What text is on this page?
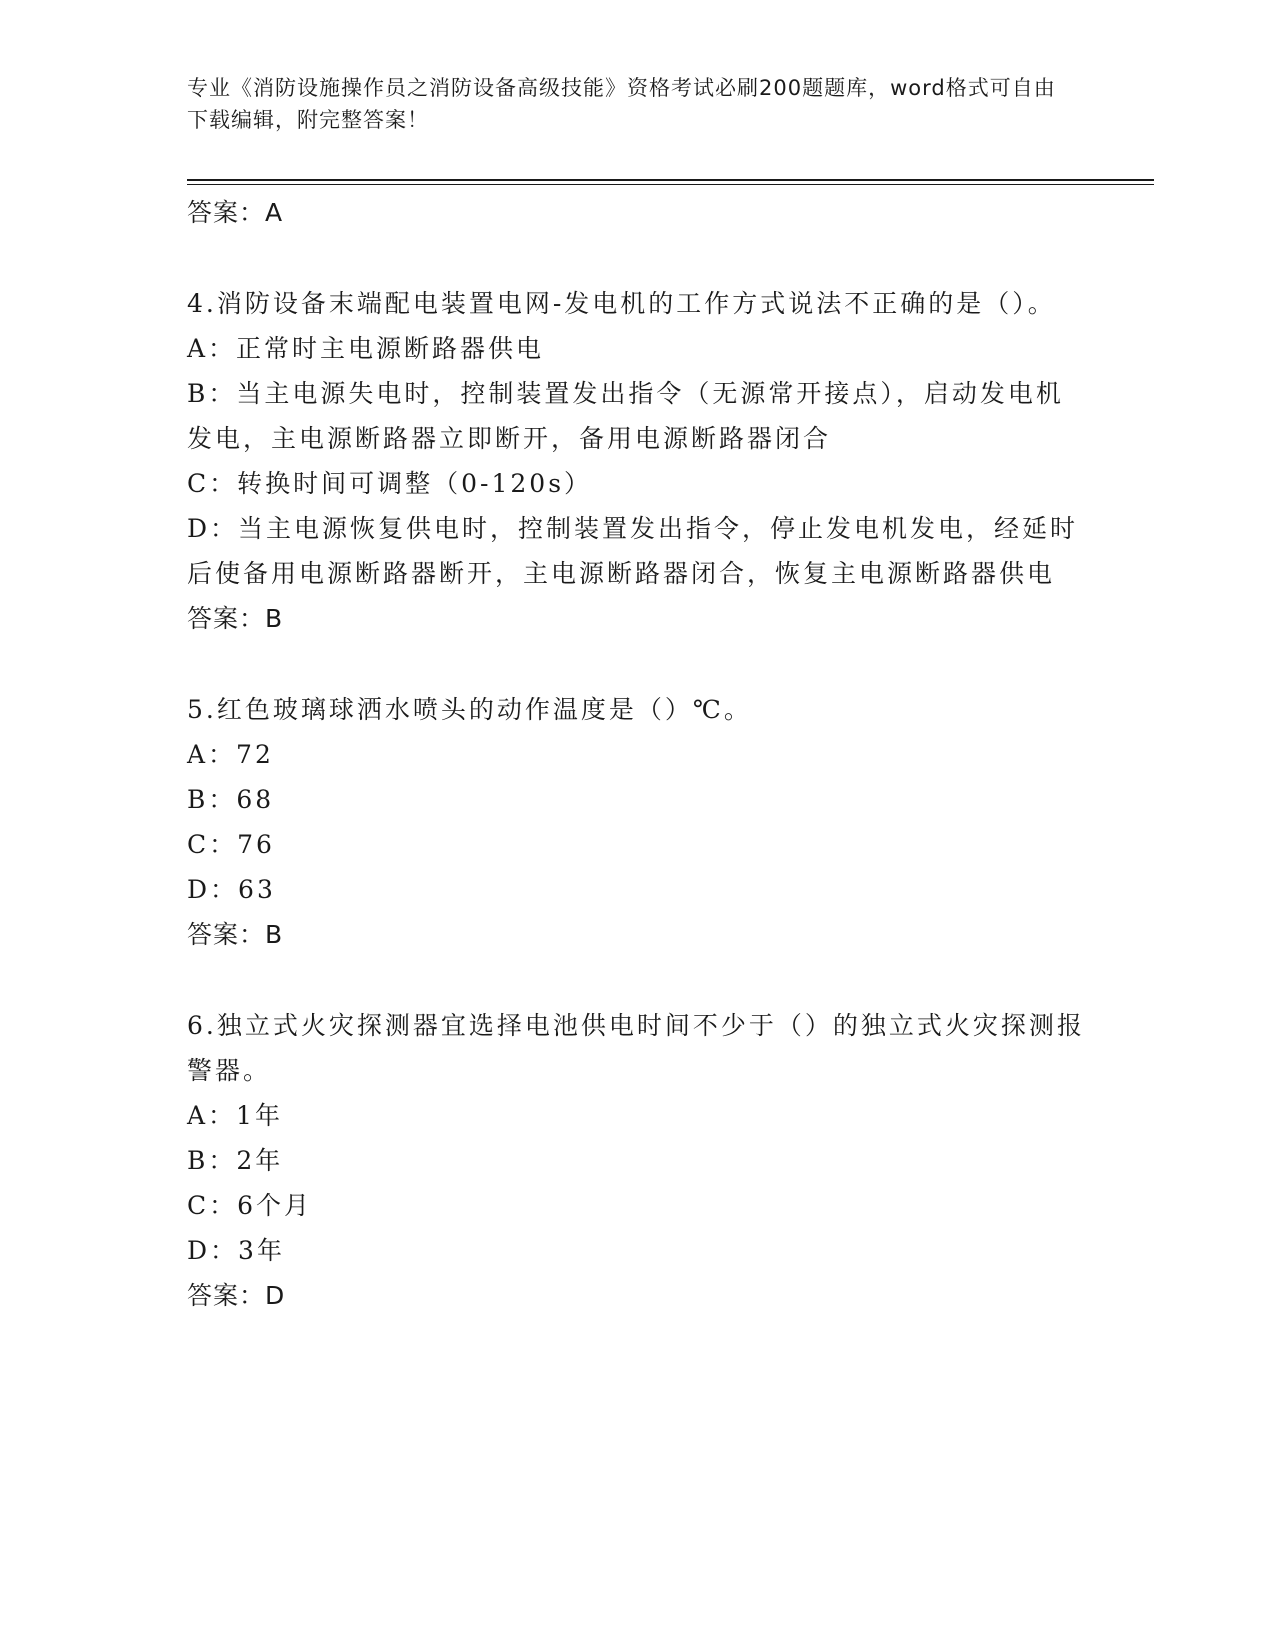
专业《消防设施操作员之消防设备高级技能》资格考试必刷200题题库，word格式可自由下载编辑，附完整答案！
答案：A
4.消防设备末端配电装置电网-发电机的工作方式说法不正确的是（）。
A：正常时主电源断路器供电
B：当主电源失电时，控制装置发出指令（无源常开接点），启动发电机发电，主电源断路器立即断开，备用电源断路器闭合
C：转换时间可调整（0-120s）
D：当主电源恢复供电时，控制装置发出指令，停止发电机发电，经延时后使备用电源断路器断开，主电源断路器闭合，恢复主电源断路器供电
答案：B
5.红色玻璃球洒水喷头的动作温度是（）℃。
A：72
B：68
C：76
D：63
答案：B
6.独立式火灾探测器宜选择电池供电时间不少于（）的独立式火灾探测报警器。
A：1年
B：2年
C：6个月
D：3年
答案：D
